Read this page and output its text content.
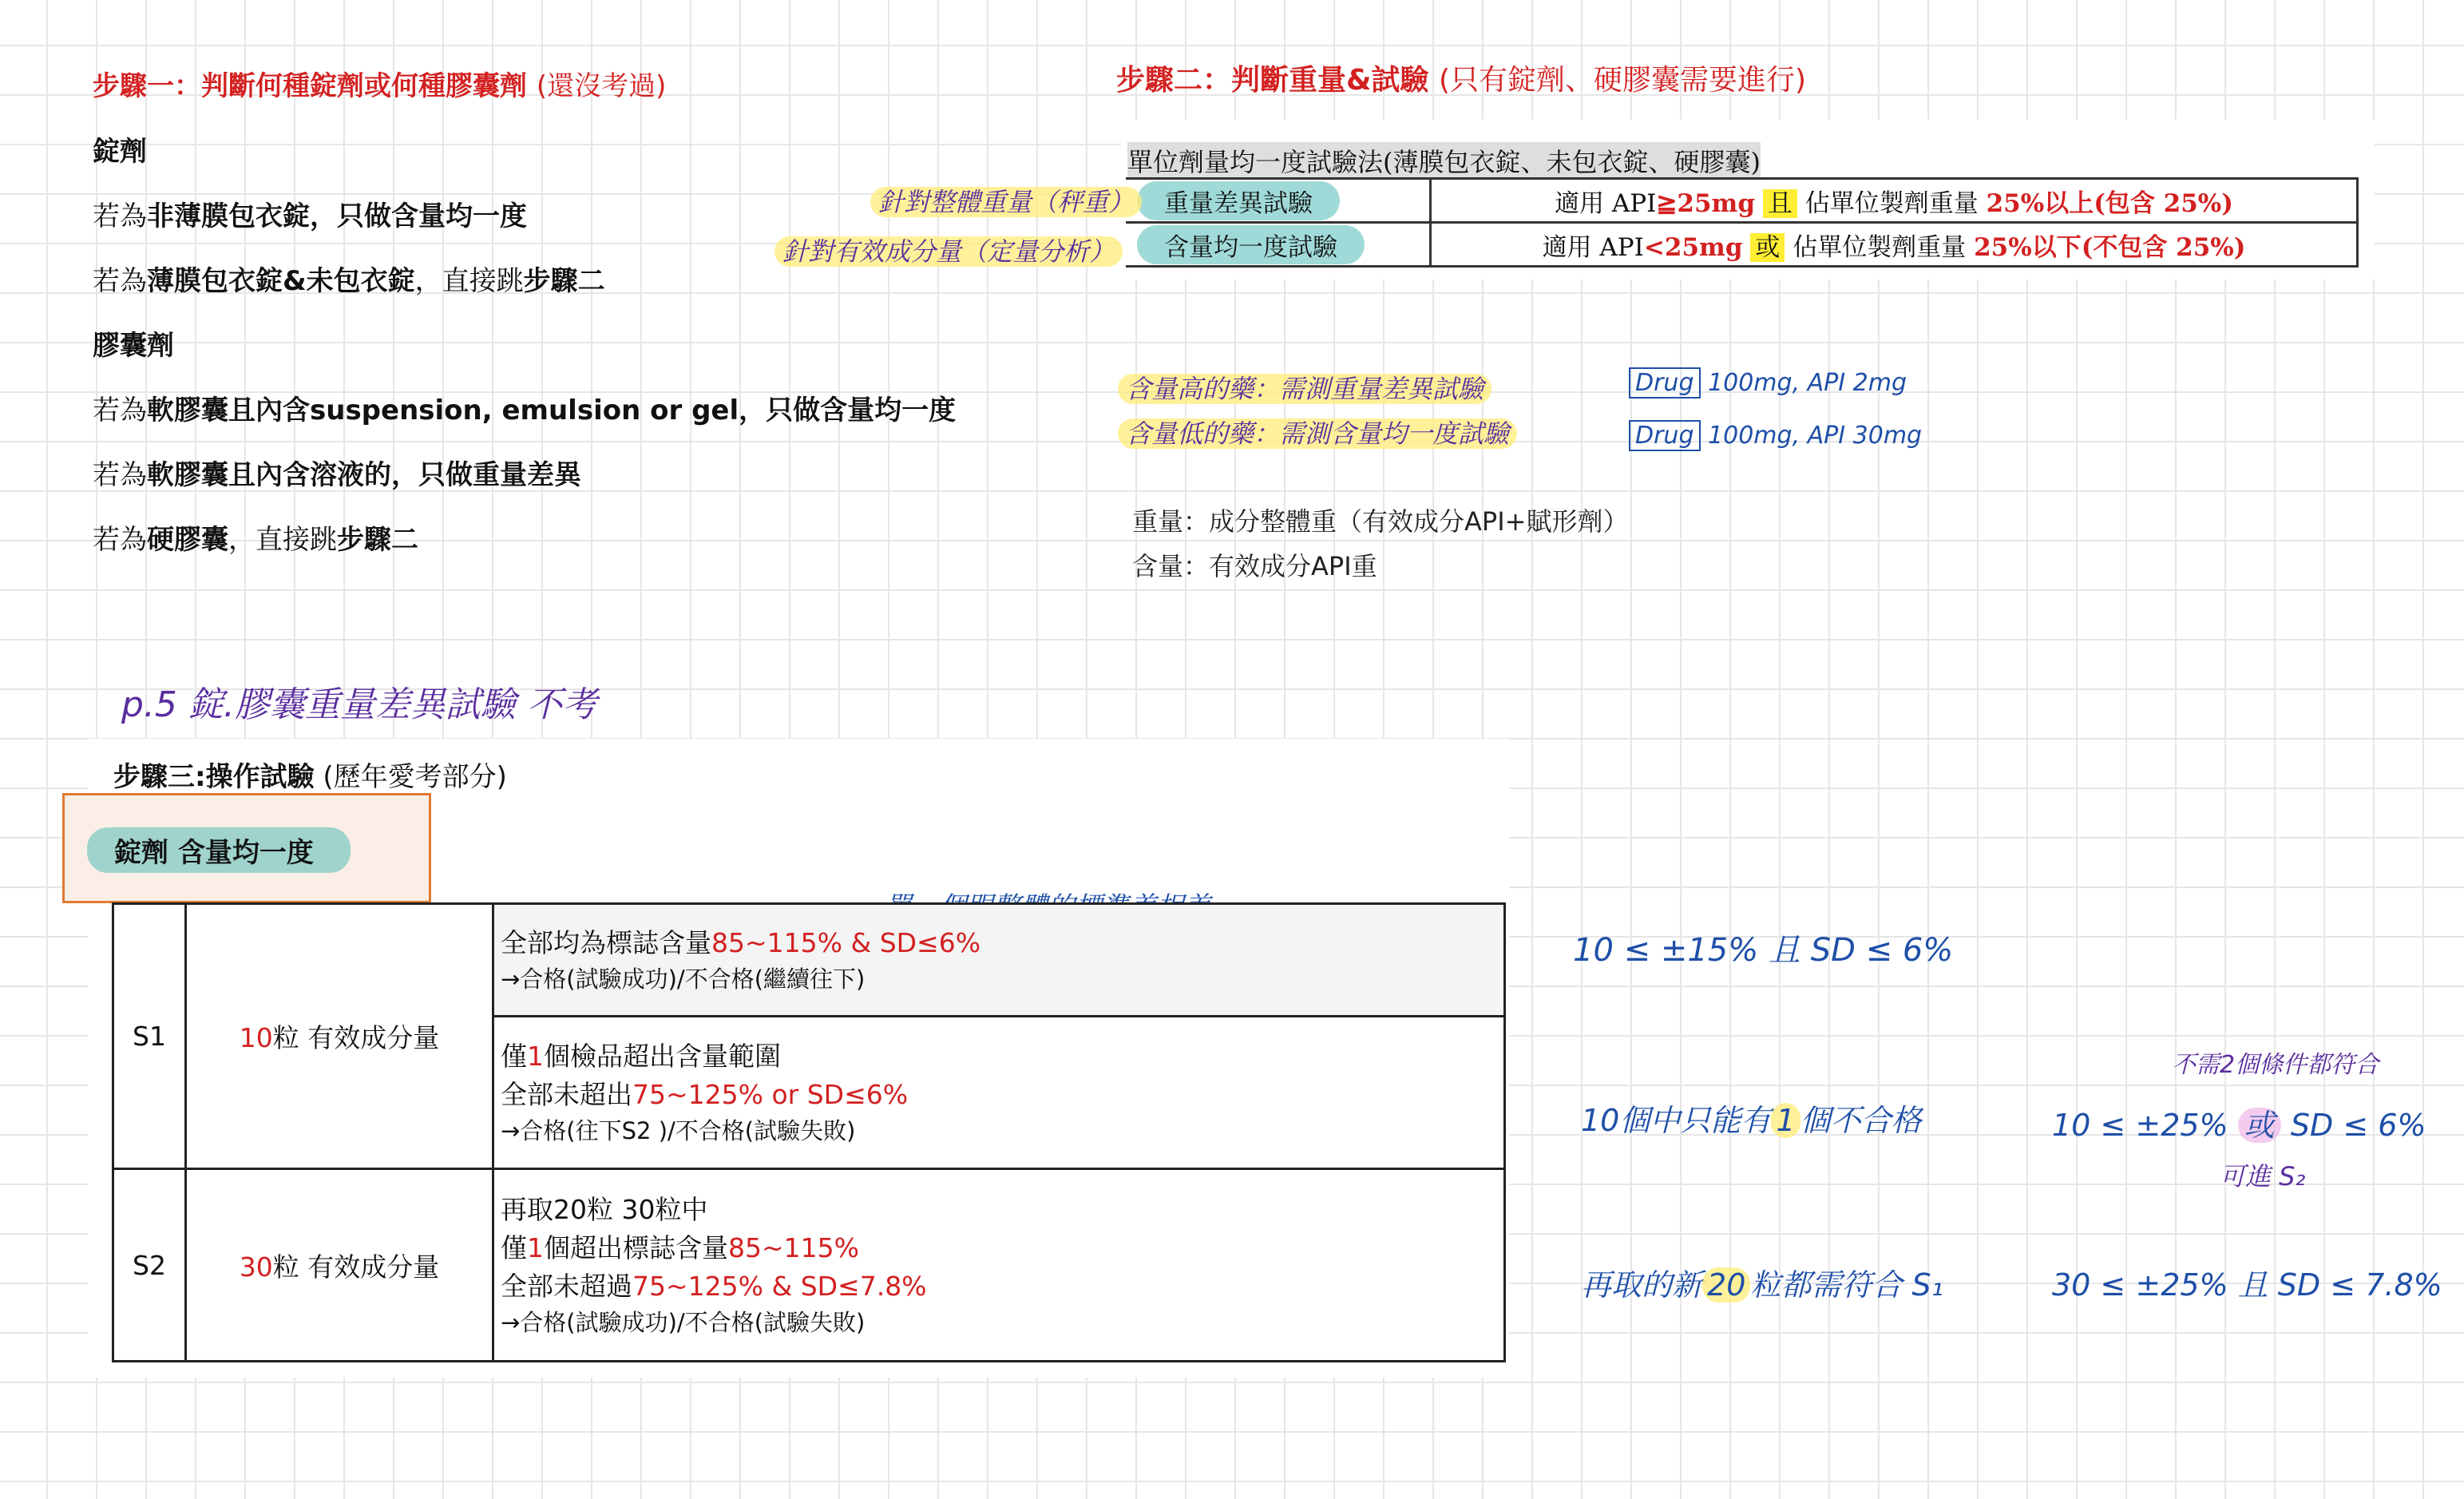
步驟一：判斷何種錠劑或何種膠囊劑 (還沒考過)
錠劑
若為非薄膜包衣錠，只做含量均一度
若為薄膜包衣錠&未包衣錠，直接跳步驟二
膠囊劑
若為軟膠囊且內含suspension, emulsion or gel，只做含量均一度
若為軟膠囊且內含溶液的，只做重量差異
若為硬膠囊，直接跳步驟二
步驟二：判斷重量&試驗 (只有錠劑、硬膠囊需要進行)
單位劑量均一度試驗法(薄膜包衣錠、未包衣錠、硬膠囊)
重量差異試驗	適用 API≧25mg 且 佔單位製劑重量 25%以上(包含 25%)
含量均一度試驗	適用 API<25mg 或 佔單位製劑重量 25%以下(不包含 25%)
針對整體重量（秤重）
針對有效成分量（定量分析）
含量高的藥：需測重量差異試驗	Drug 100mg, API 2mg
含量低的藥：需測含量均一度試驗	Drug 100mg, API 30mg
重量：成分整體重（有效成分API+賦形劑）
含量：有效成分API重
p.5 錠.膠囊重量差異試驗 不考
步驟三:操作試驗 (歷年愛考部分)
錠劑 含量均一度
S1	10粒 有效成分量	全部均為標誌含量85~115% & SD≤6%
→合格(試驗成功)/不合格(繼續往下)

		僅1個檢品超出含量範圍
全部未超出75~125% or SD≤6%
→合格(往下S2 )/不合格(試驗失敗)

S2	30粒 有效成分量	再取20粒 30粒中
僅1個超出標誌含量85~115%
全部未超過75~125% & SD≤7.8%
→合格(試驗成功)/不合格(試驗失敗)
10 ≤ ±15% 且 SD ≤ 6%
不需2個條件都符合
10個中只能有 1 個不合格	10 ≤ ±25% 或 SD ≤ 6%
可進 S₂
再取的新 20 粒都需符合 S₁	30 ≤ ±25% 且 SD ≤ 7.8%
